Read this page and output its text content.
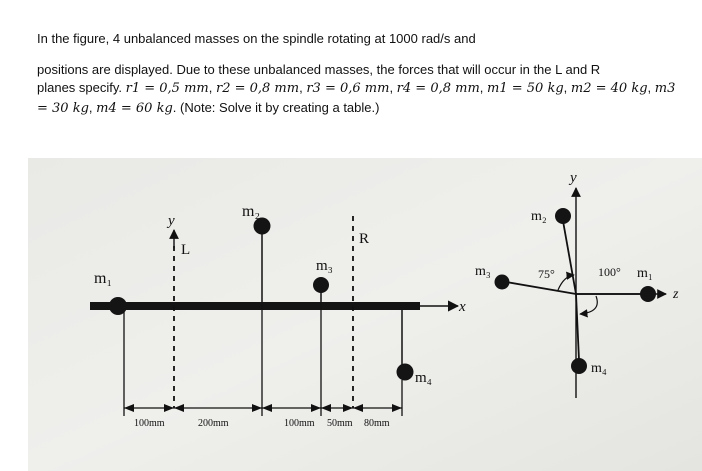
In the figure, 4 unbalanced masses on the spindle rotating at 1000 rad/s and

positions are displayed. Due to these unbalanced masses, the forces that will occur in the L and R

planes specify. r1 = 0,5 mm, r2 = 0,8 mm, r3 = 0,6 mm, r4 = 0,8 mm, m1 = 50 kg, m2 = 40 kg, m3

= 30 kg, m4 = 60 kg. (Note: Solve it by creating a table.)

x
y
L
R
m₁
m₂
m₃
m₄
100mm	200mm	100mm 50mm 80mm
y
z
m₂
m₃	m₁
m₄
75°	100°
